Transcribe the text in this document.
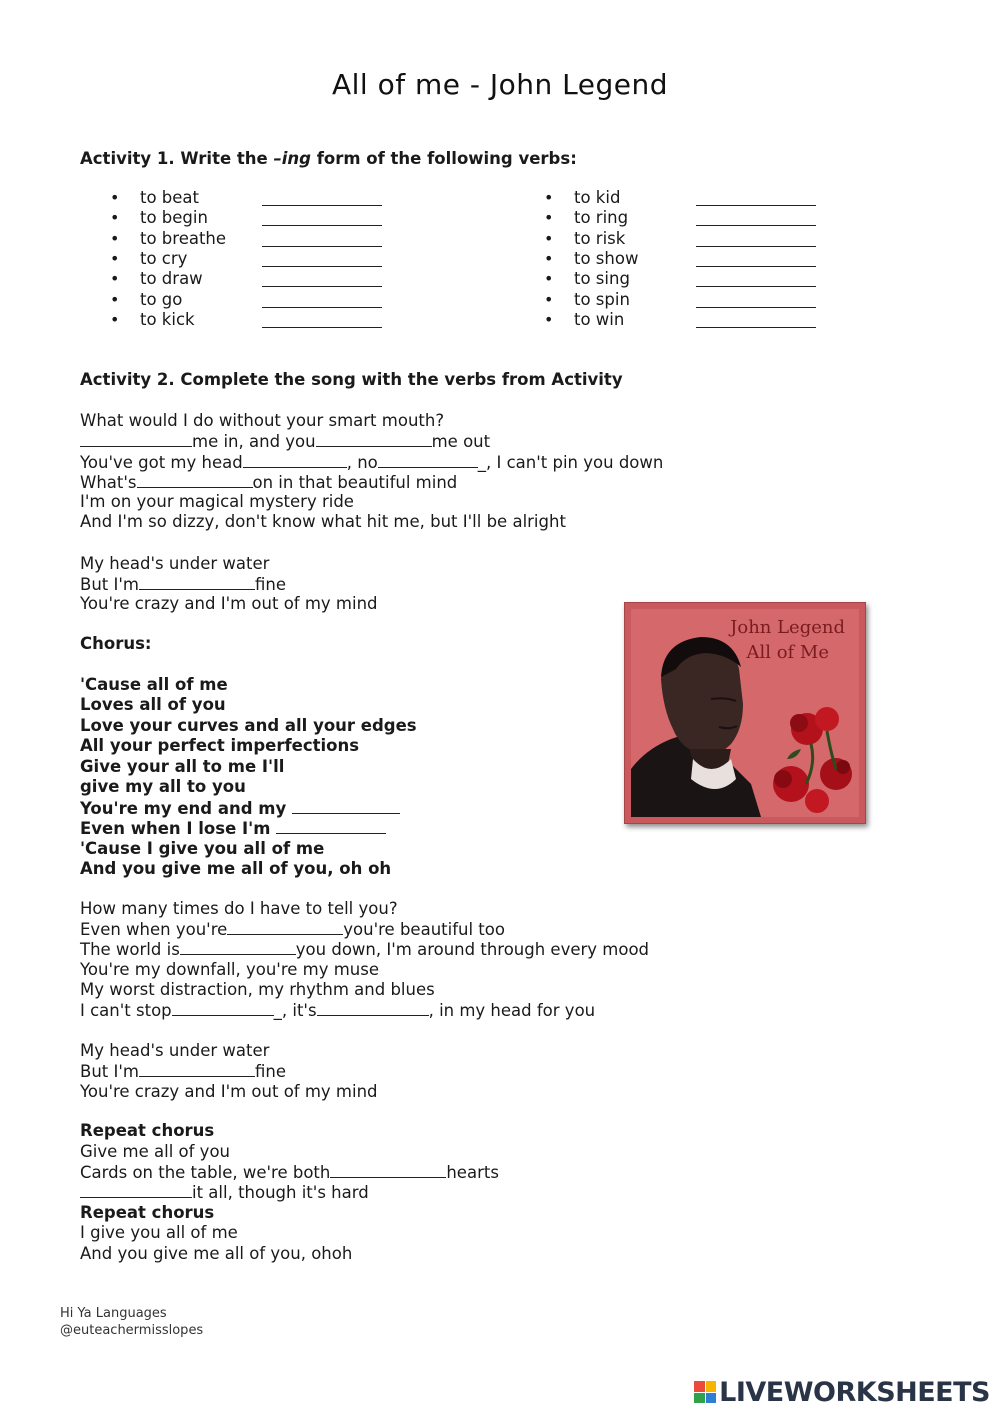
All of me - John Legend
Activity 1. Write the –ing form of the following verbs:
• to beat
• to begin
• to breathe
• to cry
• to draw
• to go
• to kick
• to kid
• to ring
• to risk
• to show
• to sing
• to spin
• to win
Activity 2. Complete the song with the verbs from Activity
What would I do without your smart mouth?
me in, and you	me out
You've got my head	, no	_, I can't pin you down
What's	on in that beautiful mind
I'm on your magical mystery ride
And I'm so dizzy, don't know what hit me, but I'll be alright
My head's under water
But I'm	fine
You're crazy and I'm out of my mind
Chorus:
'Cause all of me
Loves all of you
Love your curves and all your edges
All your perfect imperfections
Give your all to me I'll
give my all to you
You're my end and my
Even when I lose I'm
'Cause I give you all of me
And you give me all of you, oh oh
How many times do I have to tell you?
Even when you're	you're beautiful too
The world is	you down, I'm around through every mood
You're my downfall, you're my muse
My worst distraction, my rhythm and blues
I can't stop	_, it's	, in my head for you
My head's under water
But I'm	fine
You're crazy and I'm out of my mind
Repeat chorus
Give me all of you
Cards on the table, we're both	hearts
it all, though it's hard
Repeat chorus
I give you all of me
And you give me all of you, ohoh
John Legend
All of Me
Hi Ya Languages
@euteachermisslopes
LIVEWORKSHEETS
